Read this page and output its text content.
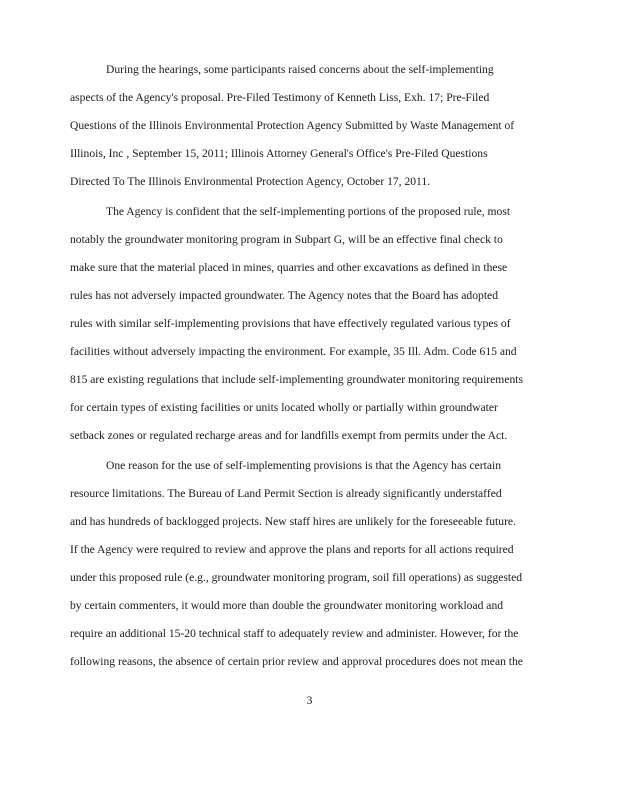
During the hearings, some participants raised concerns about the self-implementing
aspects of the Agency's proposal. Pre-Filed Testimony of Kenneth Liss, Exh. 17; Pre-Filed
Questions of the Illinois Environmental Protection Agency Submitted by Waste Management of
Illinois, Inc , September 15, 2011; Illinois Attorney General's Office's Pre-Filed Questions
Directed To The Illinois Environmental Protection Agency, October 17, 2011.
The Agency is confident that the self-implementing portions of the proposed rule, most
notably the groundwater monitoring program in Subpart G, will be an effective final check to
make sure that the material placed in mines, quarries and other excavations as defined in these
rules has not adversely impacted groundwater. The Agency notes that the Board has adopted
rules with similar self-implementing provisions that have effectively regulated various types of
facilities without adversely impacting the environment. For example, 35 Ill. Adm. Code 615 and
815 are existing regulations that include self-implementing groundwater monitoring requirements
for certain types of existing facilities or units located wholly or partially within groundwater
setback zones or regulated recharge areas and for landfills exempt from permits under the Act.
One reason for the use of self-implementing provisions is that the Agency has certain
resource limitations. The Bureau of Land Permit Section is already significantly understaffed
and has hundreds of backlogged projects. New staff hires are unlikely for the foreseeable future.
If the Agency were required to review and approve the plans and reports for all actions required
under this proposed rule (e.g., groundwater monitoring program, soil fill operations) as suggested
by certain commenters, it would more than double the groundwater monitoring workload and
require an additional 15-20 technical staff to adequately review and administer. However, for the
following reasons, the absence of certain prior review and approval procedures does not mean the
3
